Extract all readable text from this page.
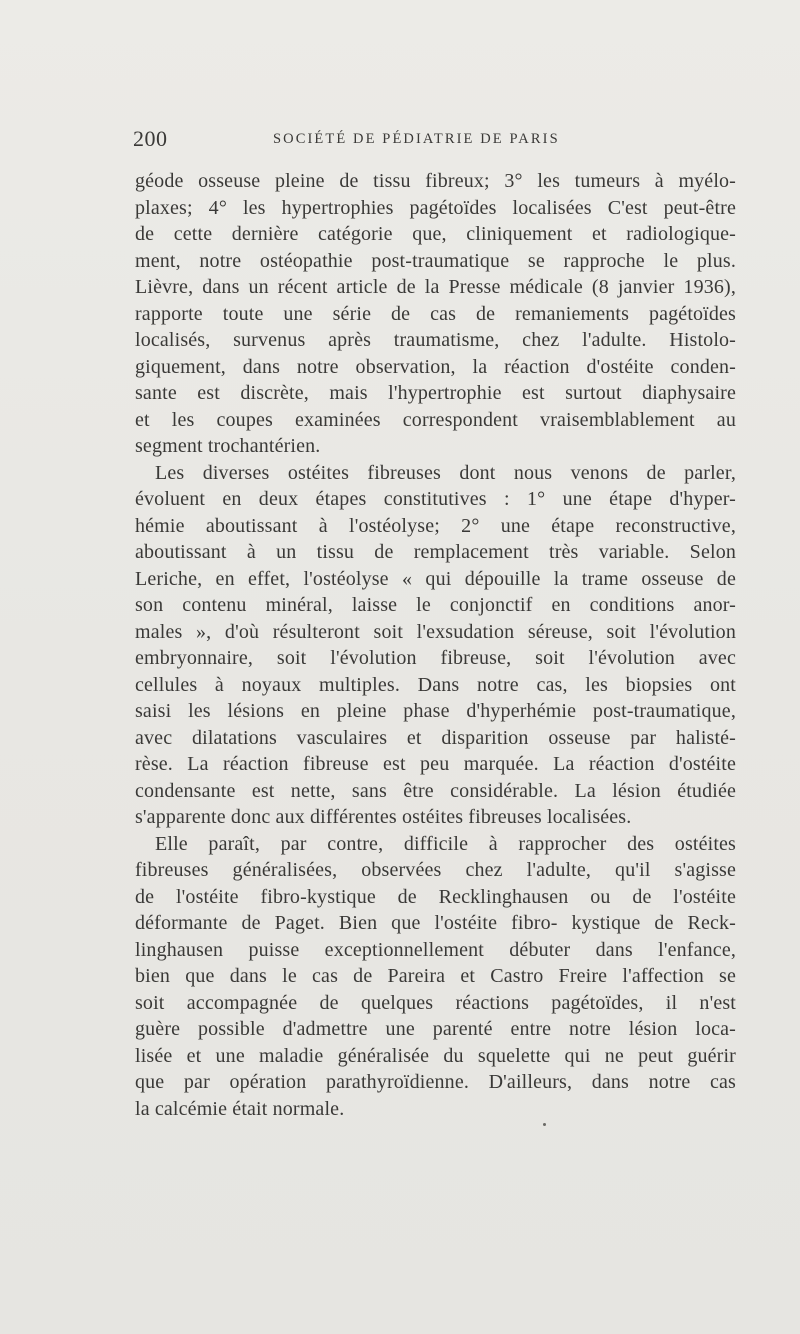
200	SOCIÉTÉ DE PÉDIATRIE DE PARIS
géode osseuse pleine de tissu fibreux; 3° les tumeurs à myélo-
plaxes; 4° les hypertrophies pagétoïdes localisées C'est peut-être
de cette dernière catégorie que, cliniquement et radiologique-
ment, notre ostéopathie post-traumatique se rapproche le plus.
Lièvre, dans un récent article de la Presse médicale (8 janvier 1936),
rapporte toute une série de cas de remaniements pagétoïdes
localisés, survenus après traumatisme, chez l'adulte. Histolo-
giquement, dans notre observation, la réaction d'ostéite conden-
sante est discrète, mais l'hypertrophie est surtout diaphysaire
et les coupes examinées correspondent vraisemblablement au
segment trochantérien.
Les diverses ostéites fibreuses dont nous venons de parler,
évoluent en deux étapes constitutives : 1° une étape d'hyper-
hémie aboutissant à l'ostéolyse; 2° une étape reconstructive,
aboutissant à un tissu de remplacement très variable. Selon
Leriche, en effet, l'ostéolyse « qui dépouille la trame osseuse de
son contenu minéral, laisse le conjonctif en conditions anor-
males », d'où résulteront soit l'exsudation séreuse, soit l'évolution
embryonnaire, soit l'évolution fibreuse, soit l'évolution avec
cellules à noyaux multiples. Dans notre cas, les biopsies ont
saisi les lésions en pleine phase d'hyperhémie post-traumatique,
avec dilatations vasculaires et disparition osseuse par halisté-
rèse. La réaction fibreuse est peu marquée. La réaction d'ostéite
condensante est nette, sans être considérable. La lésion étudiée
s'apparente donc aux différentes ostéites fibreuses localisées.
Elle paraît, par contre, difficile à rapprocher des ostéites
fibreuses généralisées, observées chez l'adulte, qu'il s'agisse
de l'ostéite fibro-kystique de Recklinghausen ou de l'ostéite
déformante de Paget. Bien que l'ostéite fibro- kystique de Reck-
linghausen puisse exceptionnellement débuter dans l'enfance,
bien que dans le cas de Pareira et Castro Freire l'affection se
soit accompagnée de quelques réactions pagétoïdes, il n'est
guère possible d'admettre une parenté entre notre lésion loca-
lisée et une maladie généralisée du squelette qui ne peut guérir
que par opération parathyroïdienne. D'ailleurs, dans notre cas
la calcémie était normale.
